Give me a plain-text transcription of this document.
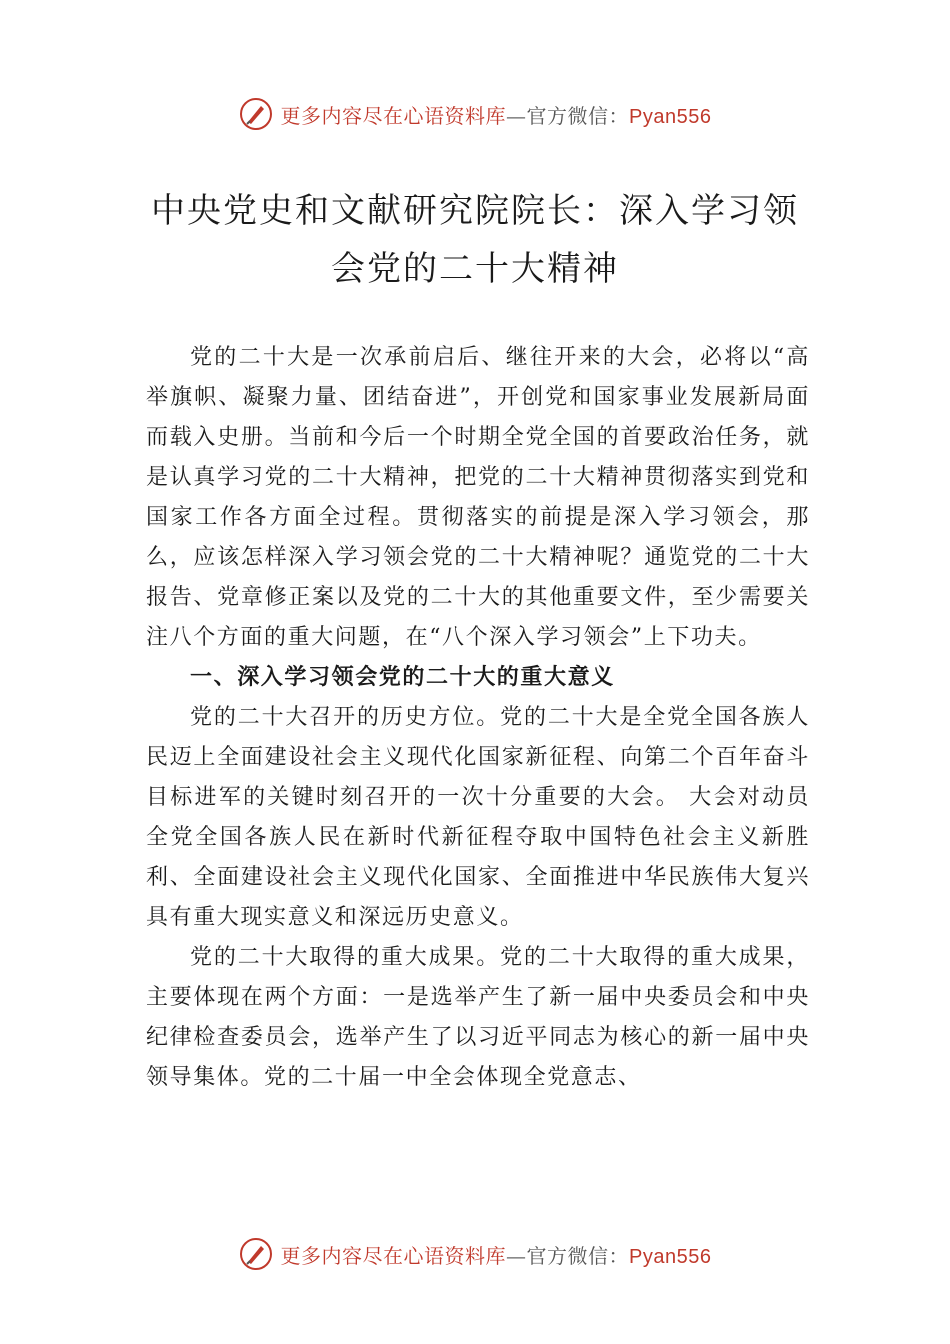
更多内容尽在心语资料库—官方微信：Pyan556
中央党史和文献研究院院长：深入学习领
会党的二十大精神

党的二十大是一次承前启后、继往开来的大会，必将以“高举旗帜、凝聚力量、团结奋进”，开创党和国家事业发展新局面而载入史册。当前和今后一个时期全党全国的首要政治任务，就是认真学习党的二十大精神，把党的二十大精神贯彻落实到党和国家工作各方面全过程。贯彻落实的前提是深入学习领会，那么，应该怎样深入学习领会党的二十大精神呢？通览党的二十大报告、党章修正案以及党的二十大的其他重要文件，至少需要关注八个方面的重大问题，在“八个深入学习领会”上下功夫。

一、深入学习领会党的二十大的重大意义

党的二十大召开的历史方位。党的二十大是全党全国各族人民迈上全面建设社会主义现代化国家新征程、向第二个百年奋斗目标进军的关键时刻召开的一次十分重要的大会。 大会对动员全党全国各族人民在新时代新征程夺取中国特色社会主义新胜利、全面建设社会主义现代化国家、全面推进中华民族伟大复兴具有重大现实意义和深远历史意义。

党的二十大取得的重大成果。党的二十大取得的重大成果，主要体现在两个方面：一是选举产生了新一届中央委员会和中央纪律检查委员会，选举产生了以习近平同志为核心的新一届中央领导集体。党的二十届一中全会体现全党意志、

更多内容尽在心语资料库—官方微信：Pyan556
